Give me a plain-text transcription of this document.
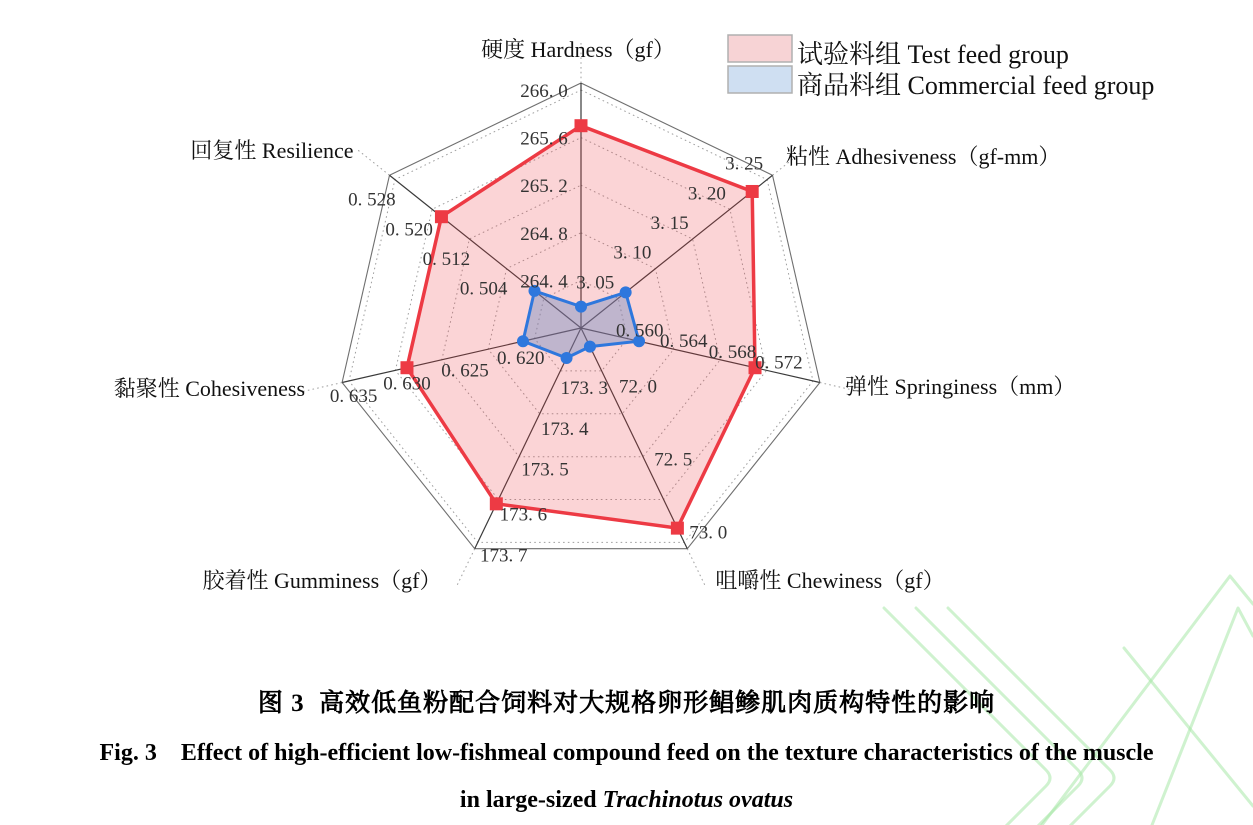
264. 4
264. 8
265. 2
265. 6
266. 0
3. 05
3. 10
3. 15
3. 20
3. 25
0. 560
0. 564
0. 568
0. 572
72. 0
72. 5
73. 0
173. 3
173. 4
173. 5
173. 6
173. 7
0. 620
0. 625
0. 630
0. 635
0. 504
0. 512
0. 520
0. 528
硬度 Hardness（gf）
粘性 Adhesiveness（gf-mm）
弹性 Springiness（mm）
咀嚼性 Chewiness（gf）
胶着性 Gumminess（gf）
黏聚性 Cohesiveness
回复性 Resilience
试验料组 Test feed group
商品料组 Commercial feed group
图 3  高效低鱼粉配合饲料对大规格卵形鲳鲹肌肉质构特性的影响
Fig. 3    Effect of high-efficient low-fishmeal compound feed on the texture characteristics of the muscle
in large-sized Trachinotus ovatus
